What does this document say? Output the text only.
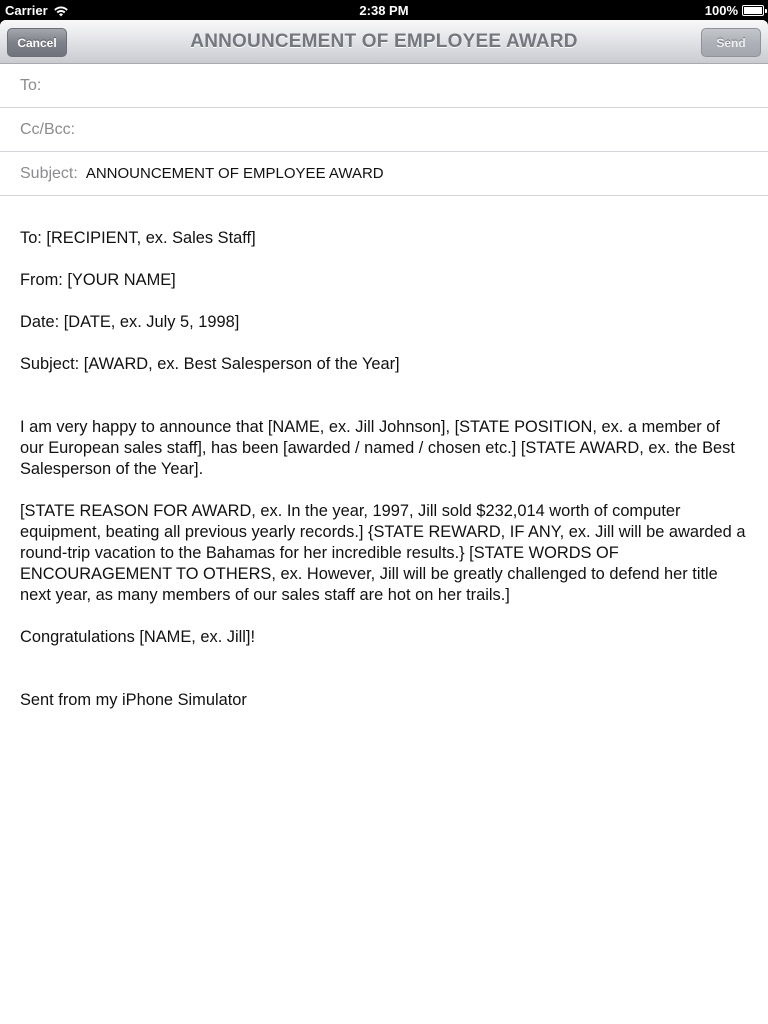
Carrier	2:38 PM	100%
Cancel	ANNOUNCEMENT OF EMPLOYEE AWARD	Send
To:
Cc/Bcc:
Subject: ANNOUNCEMENT OF EMPLOYEE AWARD

To: [RECIPIENT, ex. Sales Staff]

From: [YOUR NAME]

Date: [DATE, ex. July 5, 1998]

Subject: [AWARD, ex. Best Salesperson of the Year]

I am very happy to announce that [NAME, ex. Jill Johnson], [STATE POSITION, ex. a member of our European sales staff], has been [awarded / named / chosen etc.] [STATE AWARD, ex. the Best Salesperson of the Year].

[STATE REASON FOR AWARD, ex. In the year, 1997, Jill sold $232,014 worth of computer equipment, beating all previous yearly records.] {STATE REWARD, IF ANY, ex. Jill will be awarded a round-trip vacation to the Bahamas for her incredible results.} [STATE WORDS OF ENCOURAGEMENT TO OTHERS, ex. However, Jill will be greatly challenged to defend her title next year, as many members of our sales staff are hot on her trails.]

Congratulations [NAME, ex. Jill]!

Sent from my iPhone Simulator
